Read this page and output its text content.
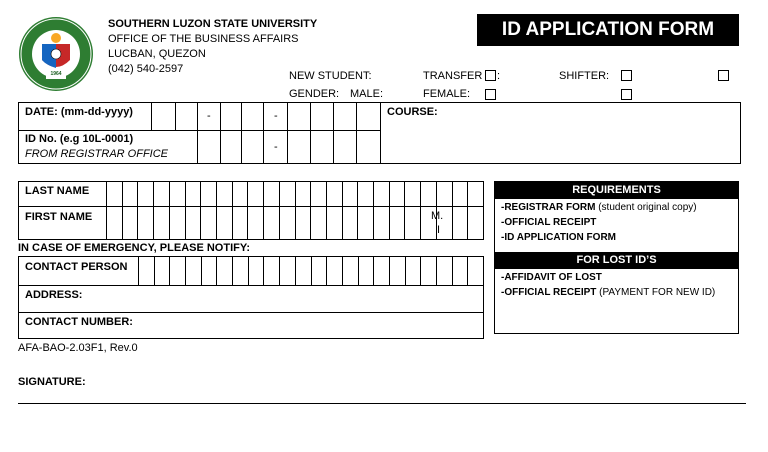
1964
SOUTHERN LUZON STATE UNIVERSITY
OFFICE OF THE BUSINESS AFFAIRS
LUCBAN, QUEZON
(042) 540-2597
ID APPLICATION FORM
NEW STUDENT:	TRANSFER :	SHIFTER:
GENDER: MALE:	FEMALE:
DATE: (mm-dd-yyyy)	-	-
ID No. (e.g 10L-0001)
FROM REGISTRAR OFFICE
-
COURSE:
LAST NAME
FIRST NAME	M.
I
IN CASE OF EMERGENCY, PLEASE NOTIFY:
CONTACT PERSON
ADDRESS:
CONTACT NUMBER:
REQUIREMENTS
-REGISTRAR FORM (student original copy)
-OFFICIAL RECEIPT
-ID APPLICATION FORM
FOR LOST ID’S
-AFFIDAVIT OF LOST
-OFFICIAL RECEIPT (PAYMENT FOR NEW ID)
AFA-BAO-2.03F1, Rev.0
SIGNATURE:
